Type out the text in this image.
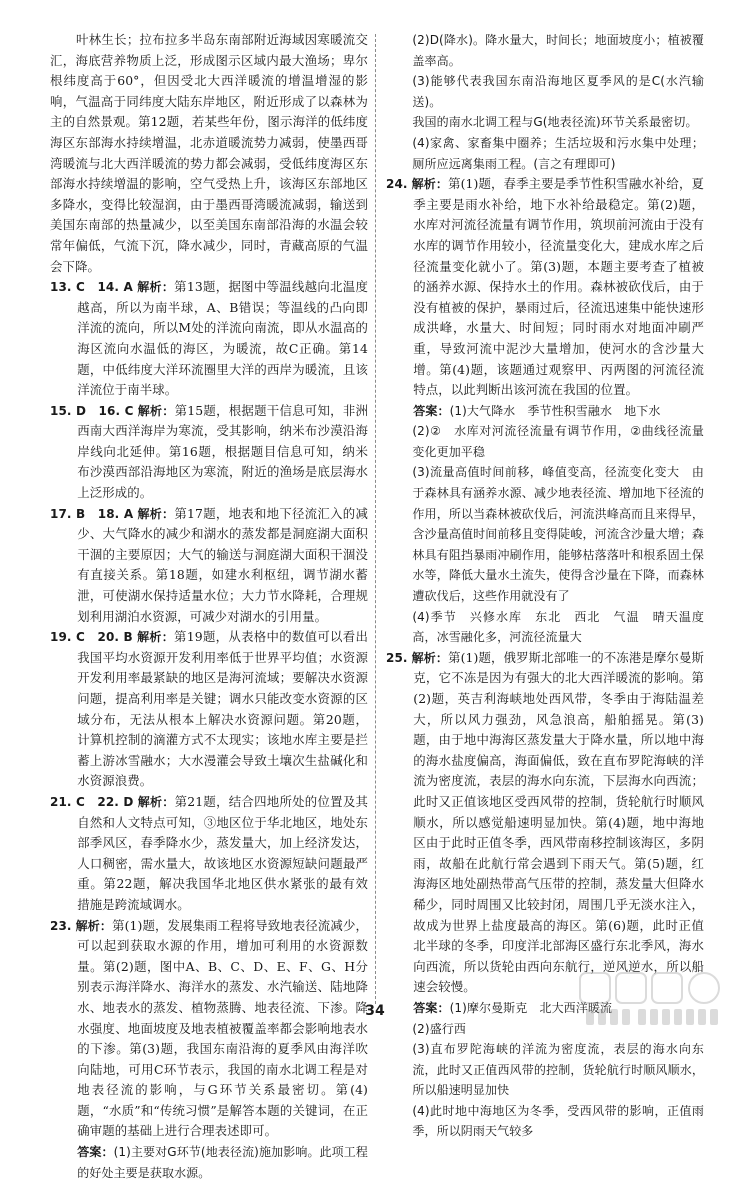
叶林生长；拉布拉多半岛东南部附近海域因寒暖流交汇，海底营养物质上泛，形成图示区域内最大渔场；卑尔根纬度高于60°，但因受北大西洋暖流的增温增湿的影响，气温高于同纬度大陆东岸地区，附近形成了以森林为主的自然景观。第12题，若某些年份，图示海洋的低纬度海区东部海水持续增温，北赤道暖流势力减弱，使墨西哥湾暖流与北大西洋暖流的势力都会减弱，受低纬度海区东部海水持续增温的影响，空气受热上升，该海区东部地区多降水，变得比较湿润，由于墨西哥湾暖流减弱，输送到美国东南部的热量减少，以至美国东南部沿海的水温会较常年偏低，气流下沉，降水减少，同时，青藏高原的气温会下降。

13. C　14. A 解析：第13题，据图中等温线越向北温度越高，所以为南半球，A、B错误；等温线的凸向即洋流的流向，所以M处的洋流向南流，即从水温高的海区流向水温低的海区，为暖流，故C正确。第14题，中低纬度大洋环流圈里大洋的西岸为暖流，且该洋流位于南半球。

15. D　16. C 解析：第15题，根据题干信息可知，非洲西南大西洋海岸为寒流，受其影响，纳米布沙漠沿海岸线向北延伸。第16题，根据题目信息可知，纳米布沙漠西部沿海地区为寒流，附近的渔场是底层海水上泛形成的。

17. B　18. A 解析：第17题，地表和地下径流汇入的减少、大气降水的减少和湖水的蒸发都是洞庭湖大面积干涸的主要原因；大气的输送与洞庭湖大面积干涸没有直接关系。第18题，如建水利枢纽，调节湖水蓄泄，可使湖水保持适量水位；大力节水降耗，合理规划利用湖泊水资源，可减少对湖水的引用量。

19. C　20. B 解析：第19题，从表格中的数值可以看出我国平均水资源开发利用率低于世界平均值；水资源开发利用率最紧缺的地区是海河流域；要解决水资源问题，提高利用率是关键；调水只能改变水资源的区域分布，无法从根本上解决水资源问题。第20题，计算机控制的滴灌方式不太现实；该地水库主要是拦蓄上游冰雪融水；大水漫灌会导致土壤次生盐碱化和水资源浪费。

21. C　22. D 解析：第21题，结合四地所处的位置及其自然和人文特点可知，③地区位于华北地区，地处东部季风区，春季降水少，蒸发量大，加上经济发达，人口稠密，需水量大，故该地区水资源短缺问题最严重。第22题，解决我国华北地区供水紧张的最有效措施是跨流域调水。

23. 解析：第(1)题，发展集雨工程将导致地表径流减少，可以起到获取水源的作用，增加可利用的水资源数量。第(2)题，图中A、B、C、D、E、F、G、H分别表示海洋降水、海洋水的蒸发、水汽输送、陆地降水、地表水的蒸发、植物蒸腾、地表径流、下渗。降水强度、地面坡度及地表植被覆盖率都会影响地表水的下渗。第(3)题，我国东南沿海的夏季风由海洋吹向陆地，可用C环节表示，我国的南水北调工程是对地表径流的影响，与G环节关系最密切。第(4)题，“水质”和“传统习惯”是解答本题的关键词，在正确审题的基础上进行合理表述即可。

答案：(1)主要对G环节(地表径流)施加影响。此项工程的好处主要是获取水源。

(2)D(降水)。降水量大，时间长；地面坡度小；植被覆盖率高。

(3)能够代表我国东南沿海地区夏季风的是C(水汽输送)。

我国的南水北调工程与G(地表径流)环节关系最密切。

(4)家禽、家畜集中圈养；生活垃圾和污水集中处理；厕所应远离集雨工程。(言之有理即可)

24. 解析：第(1)题，春季主要是季节性积雪融水补给，夏季主要是雨水补给，地下水补给最稳定。第(2)题，水库对河流径流量有调节作用，筑坝前河流由于没有水库的调节作用较小，径流量变化大，建成水库之后径流量变化就小了。第(3)题，本题主要考查了植被的涵养水源、保持水土的作用。森林被砍伐后，由于没有植被的保护，暴雨过后，径流迅速集中能快速形成洪峰，水量大、时间短；同时雨水对地面冲刷严重，导致河流中泥沙大量增加，使河水的含沙量大增。第(4)题，该题通过观察甲、丙两图的河流径流特点，以此判断出该河流在我国的位置。

答案：(1)大气降水　季节性积雪融水　地下水

(2)②　水库对河流径流量有调节作用，②曲线径流量变化更加平稳

(3)流量高值时间前移，峰值变高，径流变化变大　由于森林具有涵养水源、减少地表径流、增加地下径流的作用，所以当森林被砍伐后，河流洪峰高而且来得早，含沙量高值时间前移且变得陡峻，河流含沙量大增；森林具有阻挡暴雨冲刷作用，能够枯落落叶和根系固土保水等，降低大量水土流失，使得含沙量在下降，而森林遭砍伐后，这些作用就没有了

(4)季节　兴修水库　东北　西北　气温　晴天温度高，冰雪融化多，河流径流量大

25. 解析：第(1)题，俄罗斯北部唯一的不冻港是摩尔曼斯克，它不冻是因为有强大的北大西洋暖流的影响。第(2)题，英吉利海峡地处西风带，冬季由于海陆温差大，所以风力强劲，风急浪高，船舶摇晃。第(3)题，由于地中海海区蒸发量大于降水量，所以地中海的海水盐度偏高，海面偏低，致在直布罗陀海峡的洋流为密度流，表层的海水向东流，下层海水向西流；此时又正值该地区受西风带的控制，货轮航行时顺风顺水，所以感觉船速明显加快。第(4)题，地中海地区由于此时正值冬季，西风带南移控制该海区，多阴雨，故船在此航行常会遇到下雨天气。第(5)题，红海海区地处副热带高气压带的控制，蒸发量大但降水稀少，同时周围又比较封闭，周围几乎无淡水注入，故成为世界上盐度最高的海区。第(6)题，此时正值北半球的冬季，印度洋北部海区盛行东北季风，海水向西流，所以货轮由西向东航行，逆风逆水，所以船速会较慢。

答案：(1)摩尔曼斯克　北大西洋暖流

(2)盛行西

(3)直布罗陀海峡的洋流为密度流，表层的海水向东流，此时又正值西风带的控制，货轮航行时顺风顺水，所以船速明显加快

(4)此时地中海地区为冬季，受西风带的影响，正值雨季，所以阴雨天气较多

34
